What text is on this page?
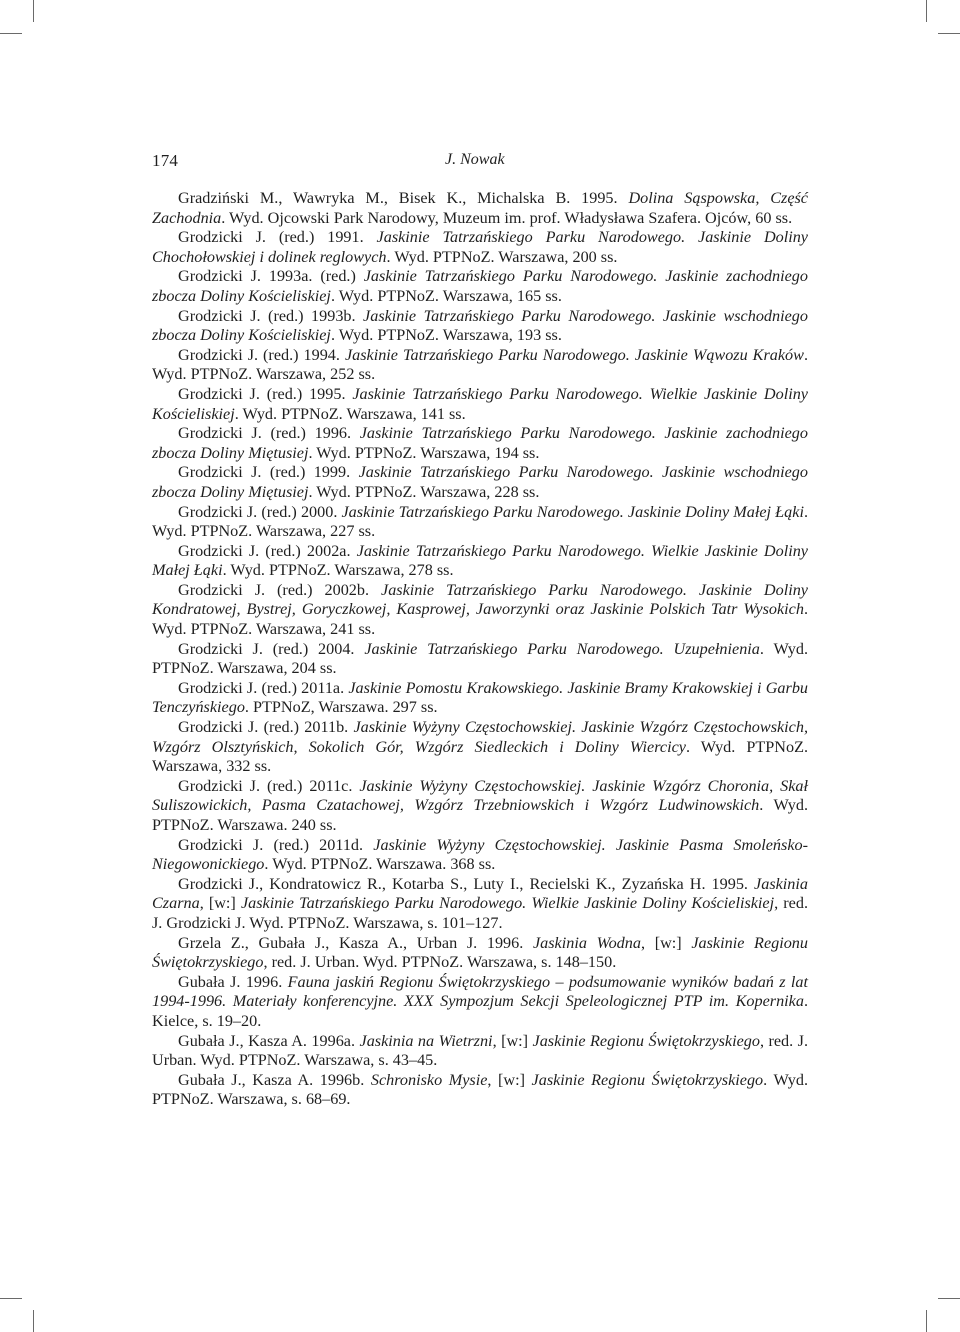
174	J. Nowak

Gradziński M., Wawryka M., Bisek K., Michalska B. 1995. Dolina Sąspowska, Część Zachodnia. Wyd. Ojcowski Park Narodowy, Muzeum im. prof. Władysława Szafera. Ojców, 60 ss.

Grodzicki J. (red.) 1991. Jaskinie Tatrzańskiego Parku Narodowego. Jaskinie Doliny Chochołowskiej i dolinek reglowych. Wyd. PTPNoZ. Warszawa, 200 ss.

Grodzicki J. 1993a. (red.) Jaskinie Tatrzańskiego Parku Narodowego. Jaskinie zachodniego zbocza Doliny Kościeliskiej. Wyd. PTPNoZ. Warszawa, 165 ss.

Grodzicki J. (red.) 1993b. Jaskinie Tatrzańskiego Parku Narodowego. Jaskinie wschodniego zbocza Doliny Kościeliskiej. Wyd. PTPNoZ. Warszawa, 193 ss.

Grodzicki J. (red.) 1994. Jaskinie Tatrzańskiego Parku Narodowego. Jaskinie Wąwozu Kraków. Wyd. PTPNoZ. Warszawa, 252 ss.

Grodzicki J. (red.) 1995. Jaskinie Tatrzańskiego Parku Narodowego. Wielkie Jaskinie Doliny Kościeliskiej. Wyd. PTPNoZ. Warszawa, 141 ss.

Grodzicki J. (red.) 1996. Jaskinie Tatrzańskiego Parku Narodowego. Jaskinie zachodniego zbocza Doliny Miętusiej. Wyd. PTPNoZ. Warszawa, 194 ss.

Grodzicki J. (red.) 1999. Jaskinie Tatrzańskiego Parku Narodowego. Jaskinie wschodniego zbocza Doliny Miętusiej. Wyd. PTPNoZ. Warszawa, 228 ss.

Grodzicki J. (red.) 2000. Jaskinie Tatrzańskiego Parku Narodowego. Jaskinie Doliny Małej Łąki. Wyd. PTPNoZ. Warszawa, 227 ss.

Grodzicki J. (red.) 2002a. Jaskinie Tatrzańskiego Parku Narodowego. Wielkie Jaskinie Doliny Małej Łąki. Wyd. PTPNoZ. Warszawa, 278 ss.

Grodzicki J. (red.) 2002b. Jaskinie Tatrzańskiego Parku Narodowego. Jaskinie Doliny Kondratowej, Bystrej, Goryczkowej, Kasprowej, Jaworzynki oraz Jaskinie Polskich Tatr Wysokich. Wyd. PTPNoZ. Warszawa, 241 ss.

Grodzicki J. (red.) 2004. Jaskinie Tatrzańskiego Parku Narodowego. Uzupełnienia. Wyd. PTPNoZ. Warszawa, 204 ss.

Grodzicki J. (red.) 2011a. Jaskinie Pomostu Krakowskiego. Jaskinie Bramy Krakowskiej i Garbu Tenczyńskiego. PTPNoZ, Warszawa. 297 ss.

Grodzicki J. (red.) 2011b. Jaskinie Wyżyny Częstochowskiej. Jaskinie Wzgórz Częstochowskich, Wzgórz Olsztyńskich, Sokolich Gór, Wzgórz Siedleckich i Doliny Wiercicy. Wyd. PTPNoZ. Warszawa, 332 ss.

Grodzicki J. (red.) 2011c. Jaskinie Wyżyny Częstochowskiej. Jaskinie Wzgórz Choronia, Skał Suliszowickich, Pasma Czatachowej, Wzgórz Trzebniowskich i Wzgórz Ludwinowskich. Wyd. PTPNoZ. Warszawa. 240 ss.

Grodzicki J. (red.) 2011d. Jaskinie Wyżyny Częstochowskiej. Jaskinie Pasma Smoleńsko-Niegowonickiego. Wyd. PTPNoZ. Warszawa. 368 ss.

Grodzicki J., Kondratowicz R., Kotarba S., Luty I., Recielski K., Zyzańska H. 1995. Jaskinia Czarna, [w:] Jaskinie Tatrzańskiego Parku Narodowego. Wielkie Jaskinie Doliny Kościeliskiej, red. J. Grodzicki J. Wyd. PTPNoZ. Warszawa, s. 101–127.

Grzela Z., Gubała J., Kasza A., Urban J. 1996. Jaskinia Wodna, [w:] Jaskinie Regionu Świętokrzyskiego, red. J. Urban. Wyd. PTPNoZ. Warszawa, s. 148–150.

Gubała J. 1996. Fauna jaskiń Regionu Świętokrzyskiego – podsumowanie wyników badań z lat 1994-1996. Materiały konferencyjne. XXX Sympozjum Sekcji Speleologicznej PTP im. Kopernika. Kielce, s. 19–20.

Gubała J., Kasza A. 1996a. Jaskinia na Wietrzni, [w:] Jaskinie Regionu Świętokrzyskiego, red. J. Urban. Wyd. PTPNoZ. Warszawa, s. 43–45.

Gubała J., Kasza A. 1996b. Schronisko Mysie, [w:] Jaskinie Regionu Świętokrzyskiego. Wyd. PTPNoZ. Warszawa, s. 68–69.
